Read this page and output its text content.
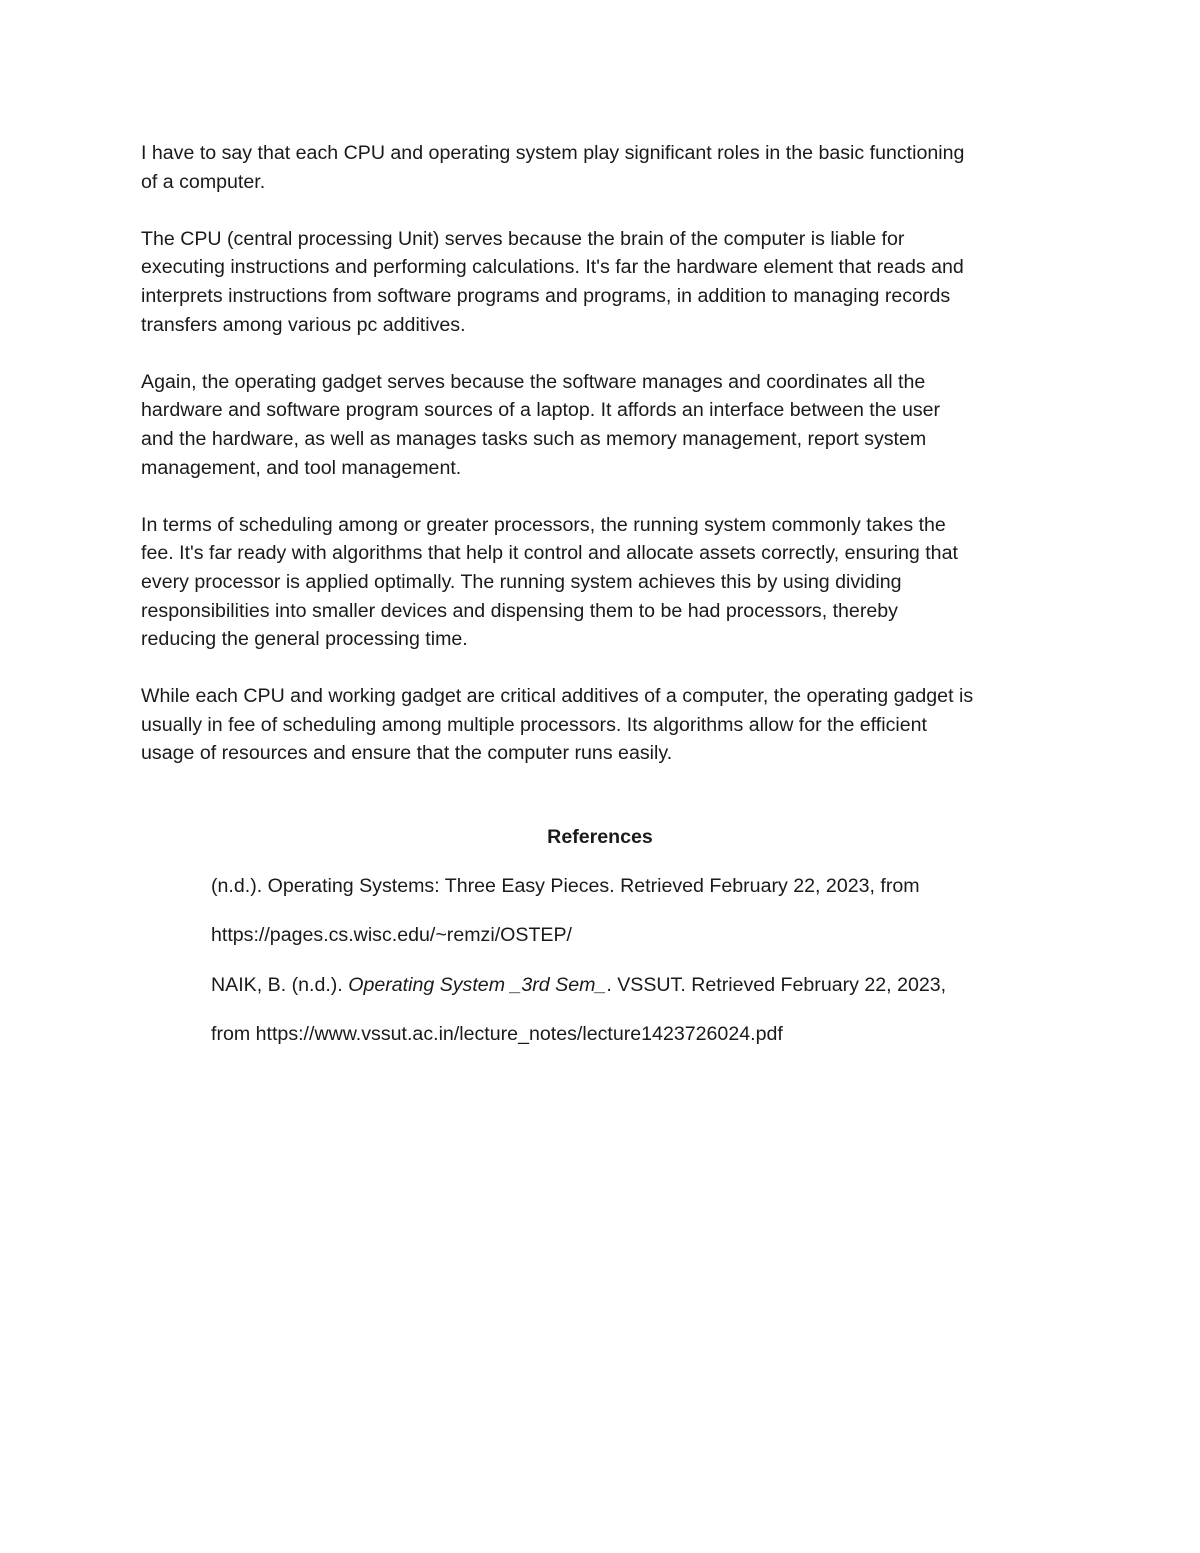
I have to say that each CPU and operating system play significant roles in the basic functioning
of a computer.

The CPU (central processing Unit) serves because the brain of the computer is liable for
executing instructions and performing calculations. It's far the hardware element that reads and
interprets instructions from software programs and programs, in addition to managing records
transfers among various pc additives.

Again, the operating gadget serves because the software manages and coordinates all the
hardware and software program sources of a laptop. It affords an interface between the user
and the hardware, as well as manages tasks such as memory management, report system
management, and tool management.

In terms of scheduling among or greater processors, the running system commonly takes the
fee. It's far ready with algorithms that help it control and allocate assets correctly, ensuring that
every processor is applied optimally. The running system achieves this by using dividing
responsibilities into smaller devices and dispensing them to be had processors, thereby
reducing the general processing time.

While each CPU and working gadget are critical additives of a computer, the operating gadget is
usually in fee of scheduling among multiple processors. Its algorithms allow for the efficient
usage of resources and ensure that the computer runs easily.

References
(n.d.). Operating Systems: Three Easy Pieces. Retrieved February 22, 2023, from
https://pages.cs.wisc.edu/~remzi/OSTEP/
NAIK, B. (n.d.). Operating System _3rd Sem_. VSSUT. Retrieved February 22, 2023,
from https://www.vssut.ac.in/lecture_notes/lecture1423726024.pdf
